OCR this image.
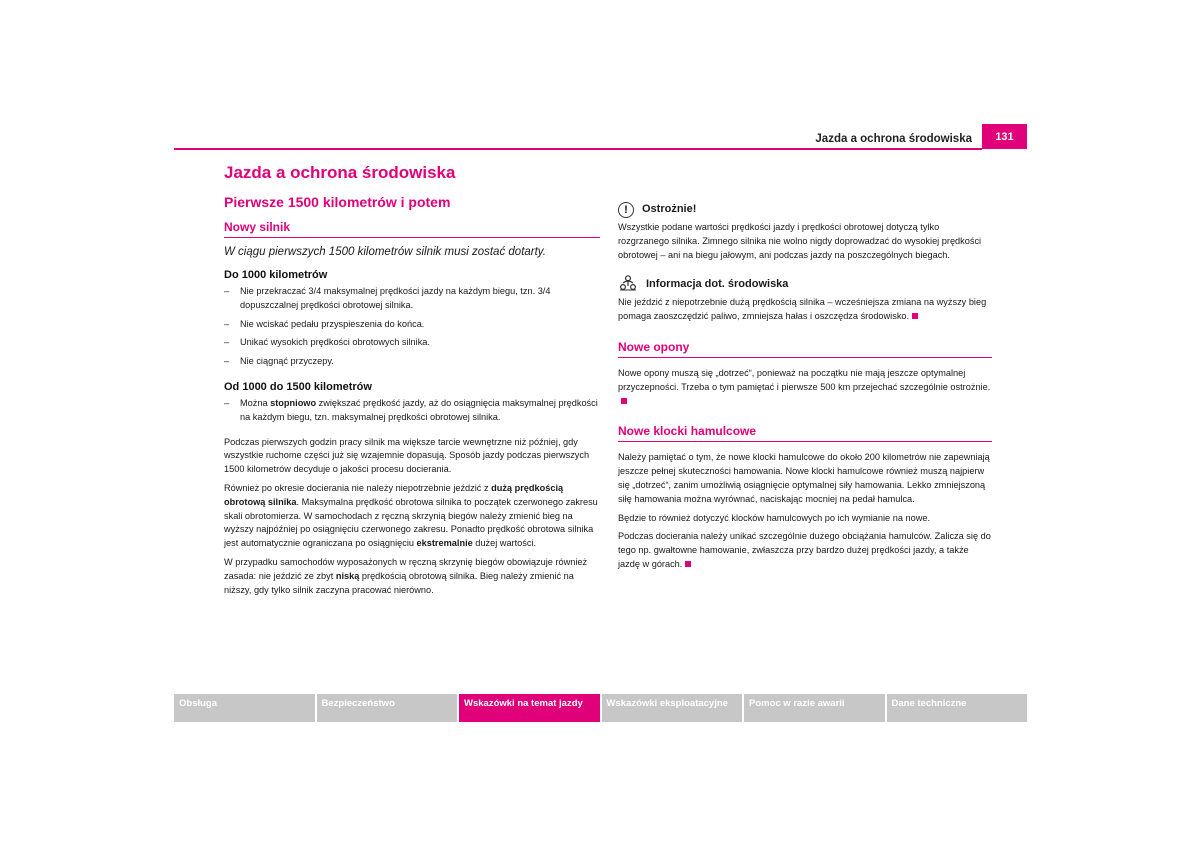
Jazda a ochrona środowiska	131
Jazda a ochrona środowiska
Pierwsze 1500 kilometrów i potem
Nowy silnik
W ciągu pierwszych 1500 kilometrów silnik musi zostać dotarty.
Do 1000 kilometrów
– Nie przekraczać 3/4 maksymalnej prędkości jazdy na każdym biegu, tzn. 3/4 dopuszczalnej prędkości obrotowej silnika.
– Nie wciskać pedału przyspieszenia do końca.
– Unikać wysokich prędkości obrotowych silnika.
– Nie ciągnąć przyczepy.
Od 1000 do 1500 kilometrów
– Można stopniowo zwiększać prędkość jazdy, aż do osiągnięcia maksymalnej prędkości na każdym biegu, tzn. maksymalnej prędkości obrotowej silnika.

Podczas pierwszych godzin pracy silnik ma większe tarcie wewnętrzne niż później, gdy wszystkie ruchome części już się wzajemnie dopasują. Sposób jazdy podczas pierwszych 1500 kilometrów decyduje o jakości procesu docierania.

Również po okresie docierania nie należy niepotrzebnie jeździć z dużą prędkością obrotową silnika. Maksymalna prędkość obrotowa silnika to początek czerwonego zakresu skali obrotomierza. W samochodach z ręczną skrzynią biegów należy zmienić bieg na wyższy najpóźniej po osiągnięciu czerwonego zakresu. Ponadto prędkość obrotowa silnika jest automatycznie ograniczana po osiągnięciu ekstremalnie dużej wartości.

W przypadku samochodów wyposażonych w ręczną skrzynię biegów obowiązuje również zasada: nie jeździć ze zbyt niską prędkością obrotową silnika. Bieg należy zmienić na niższy, gdy tylko silnik zaczyna pracować nierówno.

!	Ostrożnie!

Wszystkie podane wartości prędkości jazdy i prędkości obrotowej dotyczą tylko rozgrzanego silnika. Zimnego silnika nie wolno nigdy doprowadzać do wysokiej prędkości obrotowej – ani na biegu jałowym, ani podczas jazdy na poszczególnych biegach.

Informacja dot. środowiska

Nie jeździć z niepotrzebnie dużą prędkością silnika – wcześniejsza zmiana na wyższy bieg pomaga zaoszczędzić paliwo, zmniejsza hałas i oszczędza środowisko.

Nowe opony

Nowe opony muszą się „dotrzeć“, ponieważ na początku nie mają jeszcze optymalnej przyczepności. Trzeba o tym pamiętać i pierwsze 500 km przejechać szczególnie ostrożnie.

Nowe klocki hamulcowe

Należy pamiętać o tym, że nowe klocki hamulcowe do około 200 kilometrów nie zapewniają jeszcze pełnej skuteczności hamowania. Nowe klocki hamulcowe również muszą najpierw się „dotrzeć“, zanim umożliwią osiągnięcie optymalnej siły hamowania. Lekko zmniejszoną siłę hamowania można wyrównać, naciskając mocniej na pedał hamulca.

Będzie to również dotyczyć klocków hamulcowych po ich wymianie na nowe.

Podczas docierania należy unikać szczególnie dużego obciążania hamulców. Zalicza się do tego np. gwałtowne hamowanie, zwłaszcza przy bardzo dużej prędkości jazdy, a także jazdę w górach.

Obsługa	Bezpieczeństwo	Wskazówki na temat jazdy	Wskazówki eksploatacyjne	Pomoc w razie awarii	Dane techniczne
